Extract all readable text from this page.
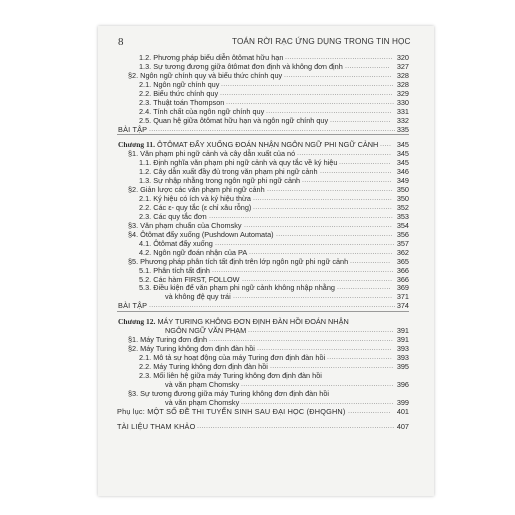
8	TOÁN RỜI RẠC ỨNG DỤNG TRONG TIN HỌC
1.2. Phương pháp biểu diễn ôtômat hữu hạn ................................................ 320
1.3. Sự tương đương giữa ôtômat đơn định và không đơn định .................... 327
§2. Ngôn ngữ chính quy và biểu thức chính quy ................................................ 328
2.1. Ngôn ngữ chính quy ............................................................................. 328
2.2. Biểu thức chính quy ............................................................................. 329
2.3. Thuật toán Thompson ........................................................................... 330
2.4. Tính chất của ngôn ngữ chính quy ........................................................ 331
2.5. Quan hệ giữa ôtômat hữu hạn và ngôn ngữ chính quy ........................... 332
BÀI TẬP .............................................................................................................. 335
Chương 11. ÔTÔMAT ĐẨY XUỐNG ĐOÁN NHẬN NGÔN NGỮ PHI NGỮ CẢNH ..... 345
§1. Văn phạm phi ngữ cảnh và cây dẫn xuất của nó .......................................... 345
1.1. Định nghĩa văn phạm phi ngữ cảnh và quy tắc về ký hiệu ....................... 345
1.2. Cây dẫn xuất đầy đủ trong văn phạm phi ngữ cảnh ................................ 346
1.3. Sự nhập nhằng trong ngôn ngữ phi ngữ cảnh ........................................ 349
§2. Giản lược các văn phạm phi ngữ cảnh ........................................................ 350
2.1. Ký hiệu có ích và ký hiệu thừa .............................................................. 350
2.2. Các ε- quy tắc (ε chỉ xâu rỗng) .............................................................. 352
2.3. Các quy tắc đơn .................................................................................. 353
§3. Văn phạm chuẩn của Chomsky .................................................................. 354
§4. Ôtômat đẩy xuống (Pushdown Automata) .................................................... 356
4.1. Ôtômat đẩy xuống ................................................................................ 357
4.2. Ngôn ngữ đoán nhận của PA ................................................................ 362
§5. Phương pháp phân tích tất định trên lớp ngôn ngữ phi ngữ cảnh .................. 365
5.1. Phân tích tất định ................................................................................. 366
5.2. Các hàm FIRST, FOLLOW ................................................................... 366
5.3. Điều kiện để văn phạm phi ngữ cảnh không nhập nhằng ........................ 369
và không đệ quy trái ....................................................................... 371
BÀI TẬP .............................................................................................................. 374
Chương 12. MÁY TURING KHÔNG ĐƠN ĐỊNH ĐÀN HỒI ĐOÁN NHẬN
NGÔN NGỮ VĂN PHẠM ................................................................. 391
§1. Máy Turing đơn định .................................................................................. 391
§2. Máy Turing không đơn định đàn hồi ............................................................ 393
2.1. Mô tả sự hoạt động của máy Turing đơn định đàn hồi ............................. 393
2.2. Máy Turing không đơn định đàn hồi ....................................................... 395
2.3. Mối liên hệ giữa máy Turing không đơn định đàn hồi
và văn phạm Chomsky .................................................................... 396
§3. Sự tương đương giữa máy Turing không đơn định đàn hồi
và văn phạm Chomsky .................................................................... 399
Phụ lục: MỘT SỐ ĐỀ THI TUYỂN SINH SAU ĐẠI HỌC (ĐHQGHN) ................... 401
TÀI LIỆU THAM KHẢO ........................................................................................ 407
